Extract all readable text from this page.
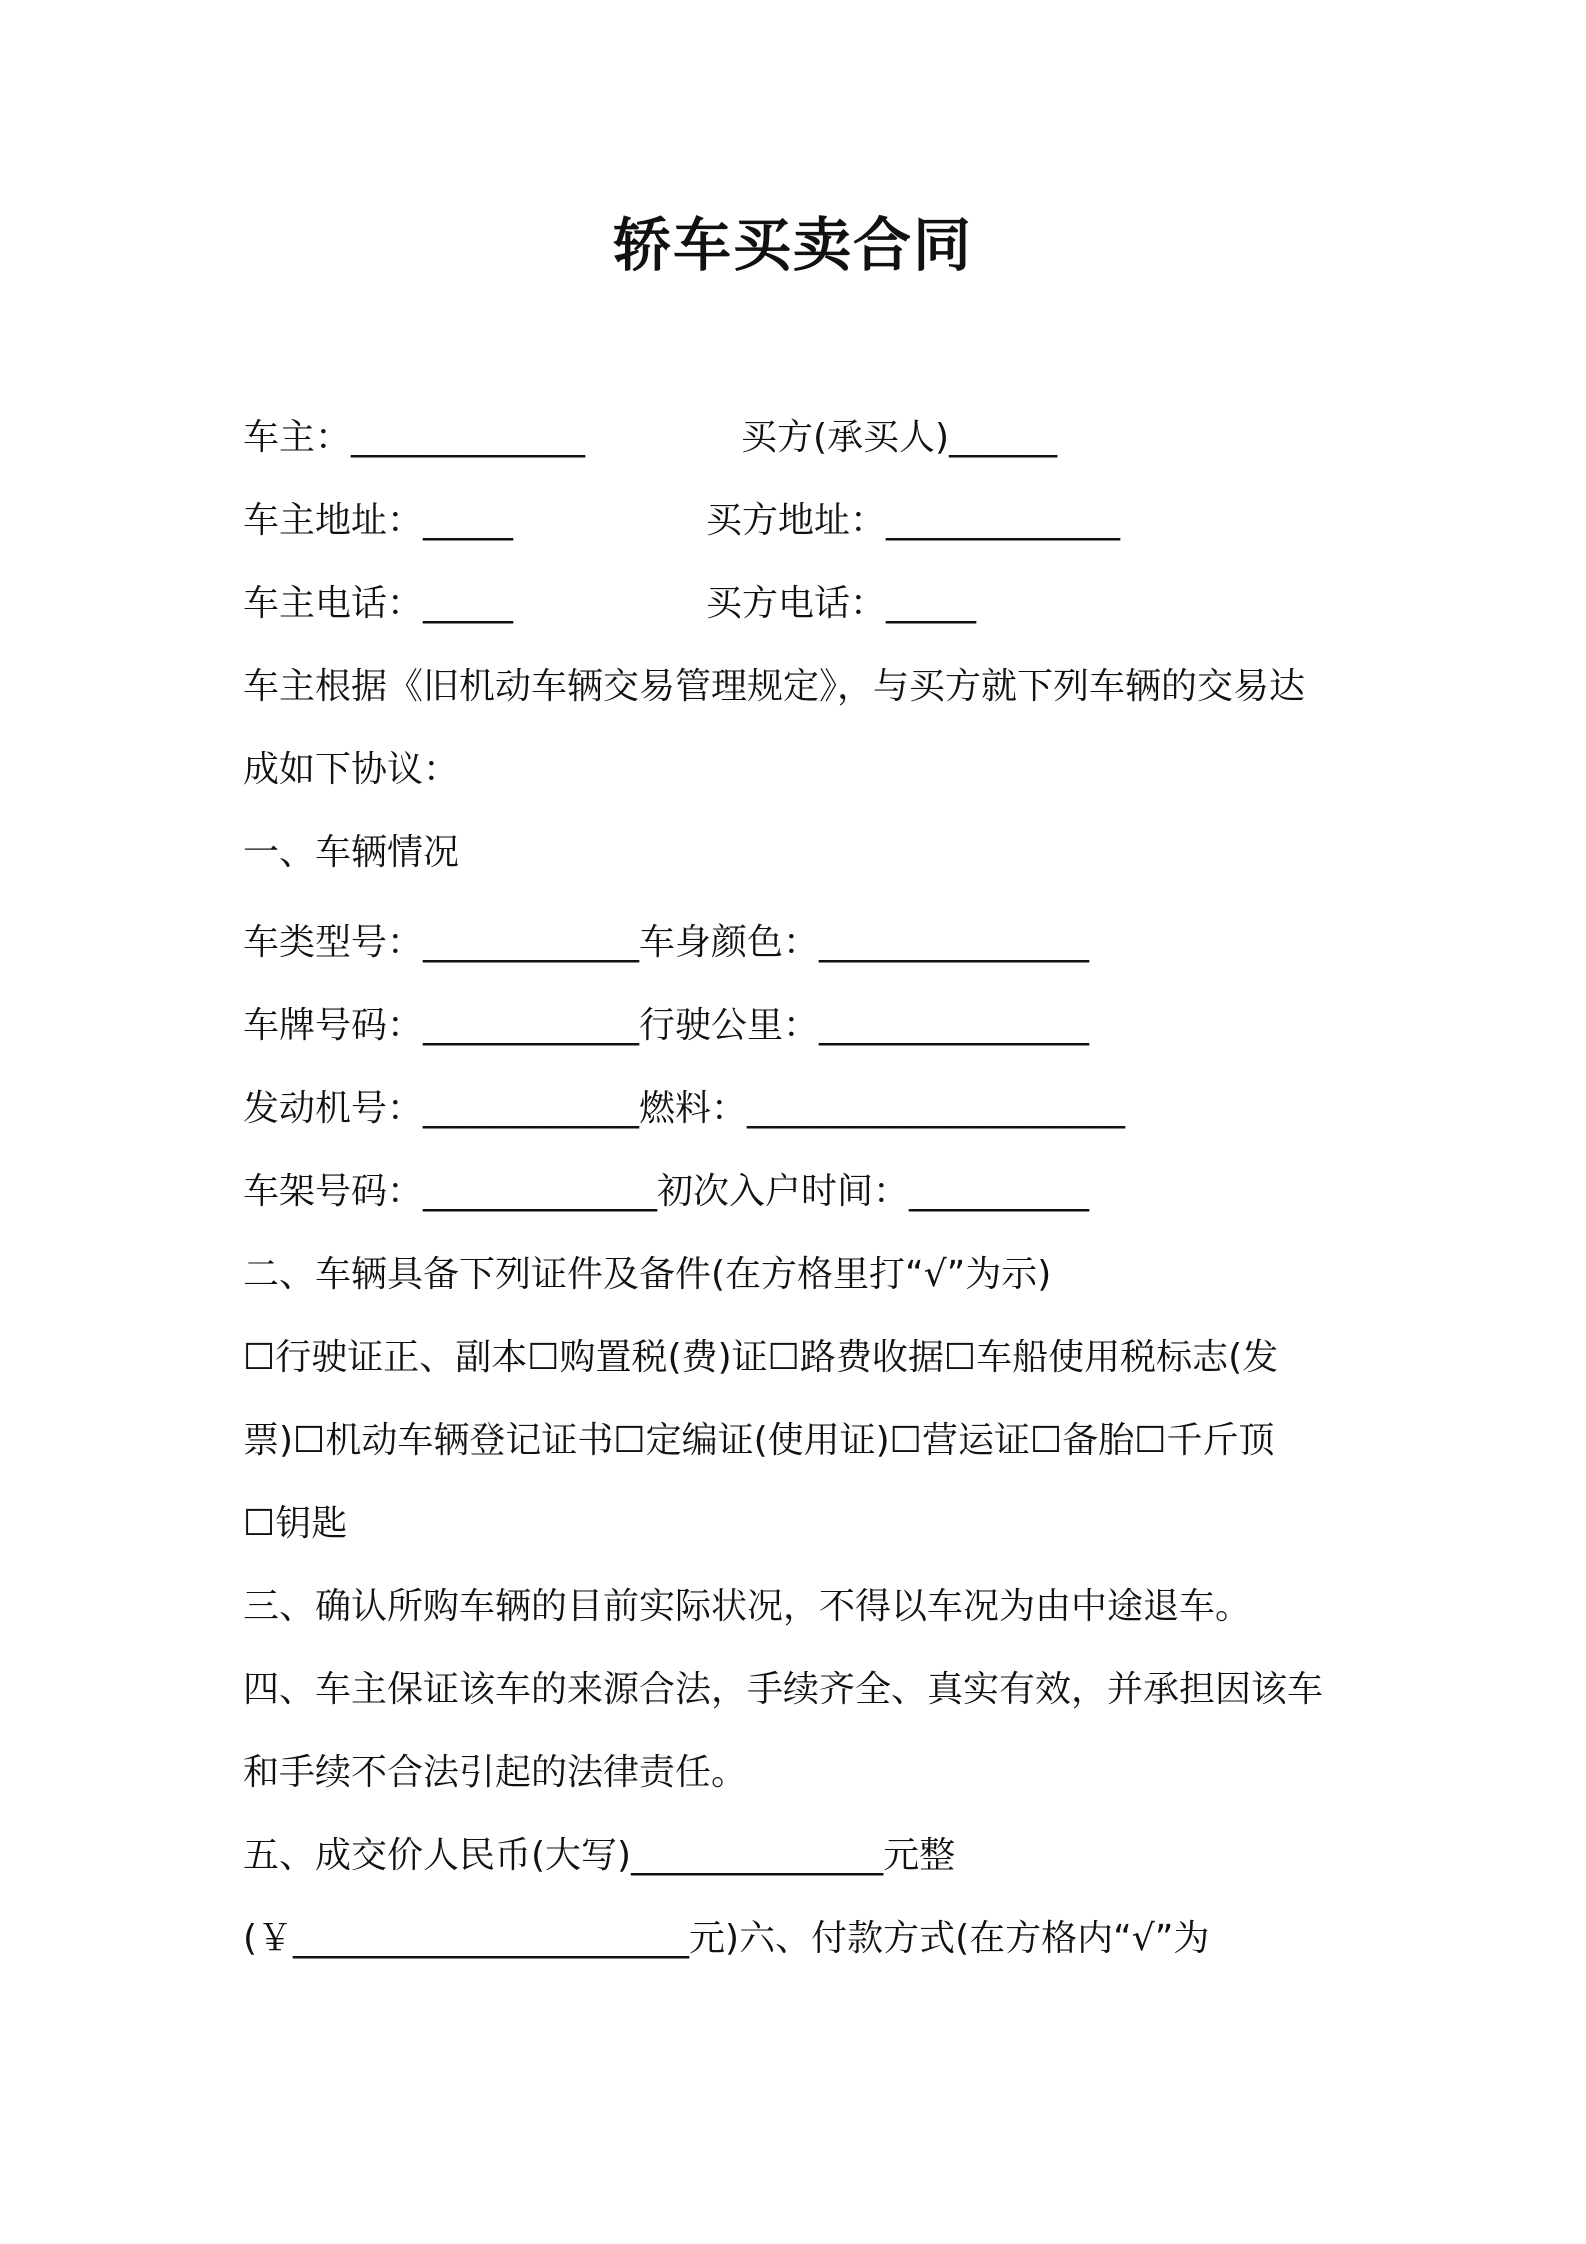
轿车买卖合同

车主：_____________	买方(承买人)______

车主地址：_____	买方地址：_____________

车主电话：_____	买方电话：_____

车主根据《旧机动车辆交易管理规定》，与买方就下列车辆的交易达

成如下协议：

一、车辆情况

车类型号：____________车身颜色：_______________

车牌号码：____________行驶公里：_______________

发动机号：____________燃料：_____________________

车架号码：_____________初次入户时间：__________

二、车辆具备下列证件及备件(在方格里打“√”为示)

☐行驶证正、副本☐购置税(费)证☐路费收据☐车船使用税标志(发

票)☐机动车辆登记证书☐定编证(使用证)☐营运证☐备胎☐千斤顶

☐钥匙

三、确认所购车辆的目前实际状况，不得以车况为由中途退车。

四、车主保证该车的来源合法，手续齐全、真实有效，并承担因该车

和手续不合法引起的法律责任。

五、成交价人民币(大写)______________元整

(￥______________________元)六、付款方式(在方格内“√”为
